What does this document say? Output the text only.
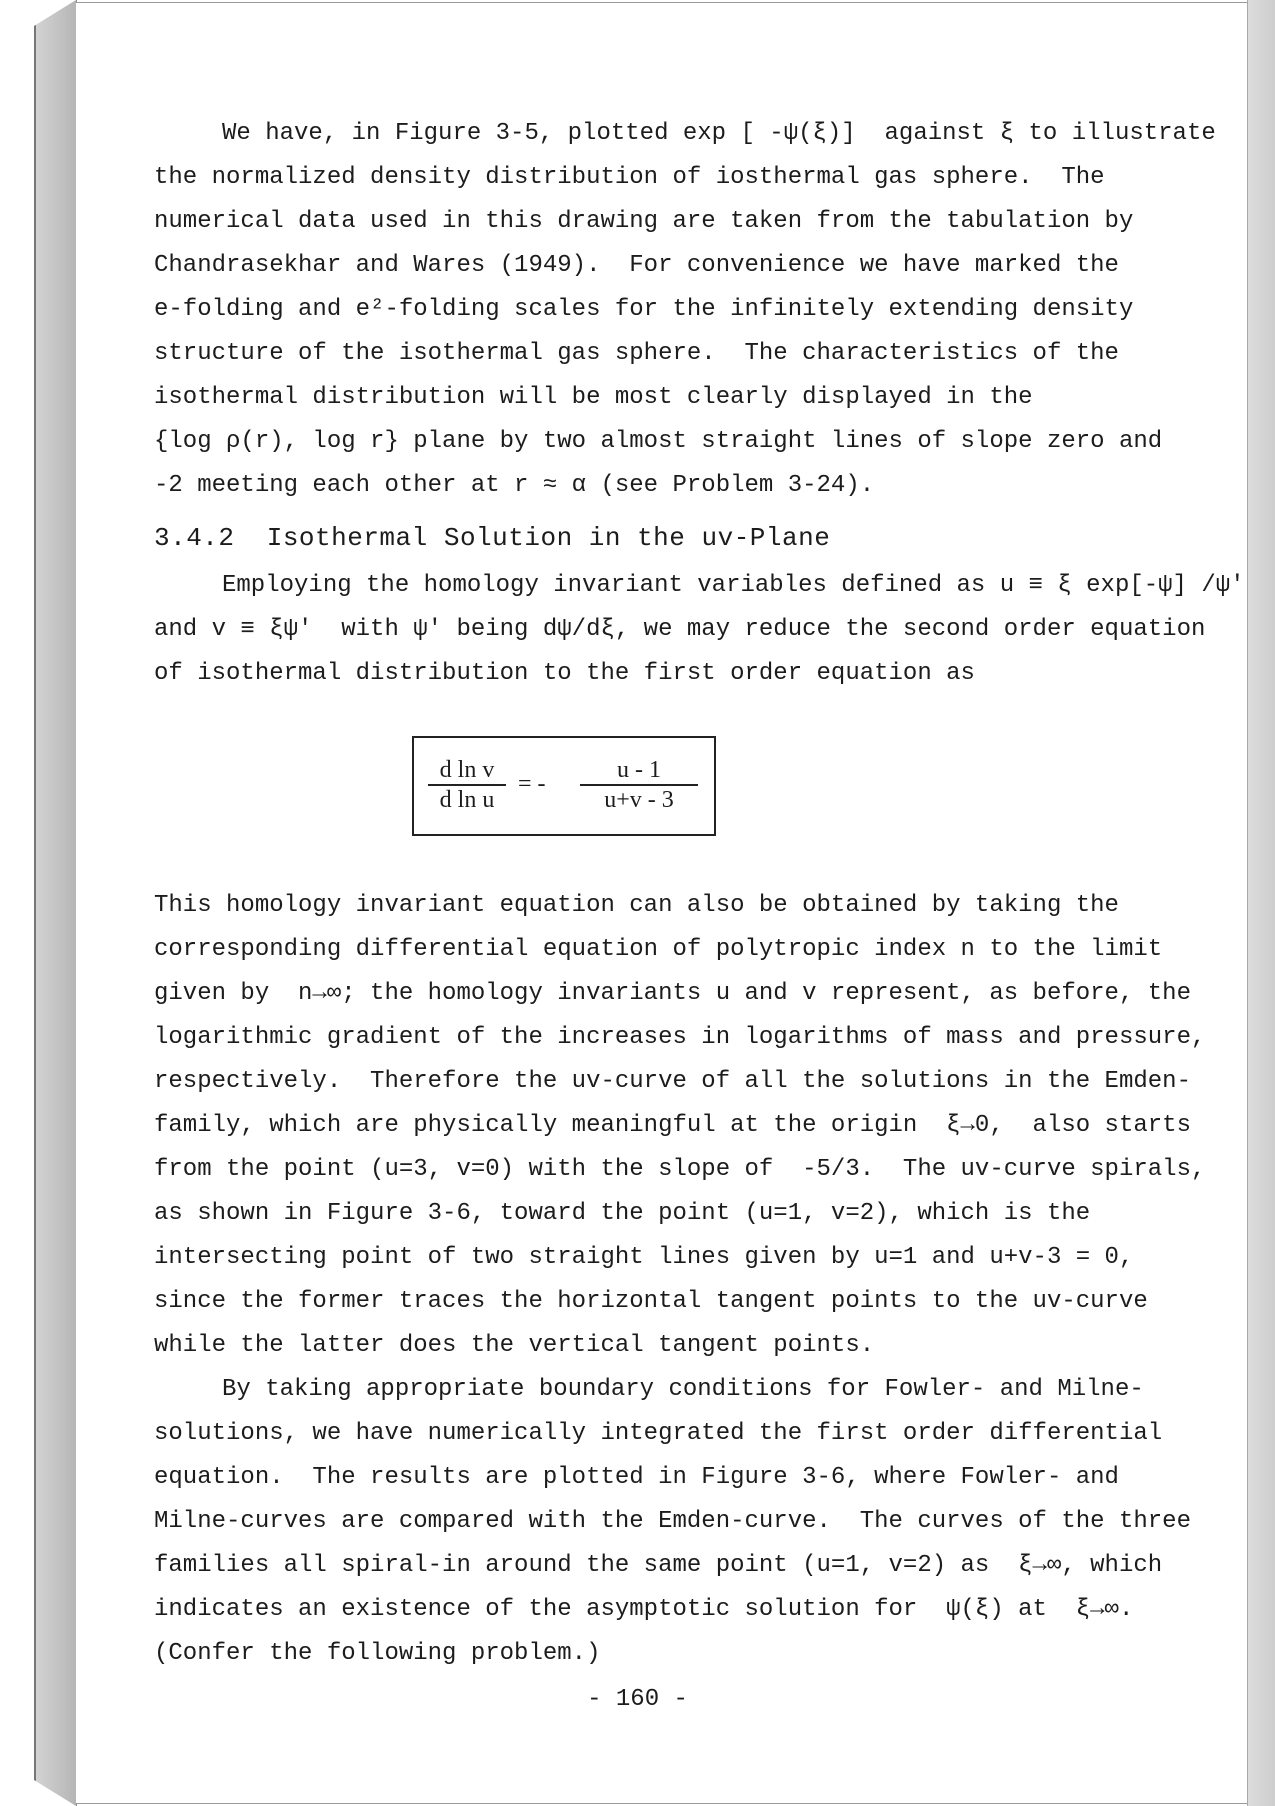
We have, in Figure 3-5, plotted exp [ -ψ(ξ)]  against ξ to illustrate
the normalized density distribution of iosthermal gas sphere.  The
numerical data used in this drawing are taken from the tabulation by
Chandrasekhar and Wares (1949).  For convenience we have marked the
e-folding and e²-folding scales for the infinitely extending density
structure of the isothermal gas sphere.  The characteristics of the
isothermal distribution will be most clearly displayed in the
{log ρ(r), log r} plane by two almost straight lines of slope zero and
-2 meeting each other at r ≈ α (see Problem 3-24).
3.4.2  Isothermal Solution in the uv-Plane
Employing the homology invariant variables defined as u ≡ ξ exp[-ψ] /ψ'
and v ≡ ξψ'  with ψ' being dψ/dξ, we may reduce the second order equation
of isothermal distribution to the first order equation as
$\frac{\text{d ln v}}{\text{d ln u}}$ = - $\frac{u - 1}{u+v - 3}$
This homology invariant equation can also be obtained by taking the
corresponding differential equation of polytropic index n to the limit
given by  n→∞; the homology invariants u and v represent, as before, the
logarithmic gradient of the increases in logarithms of mass and pressure,
respectively.  Therefore the uv-curve of all the solutions in the Emden-
family, which are physically meaningful at the origin  ξ→0,  also starts
from the point (u=3, v=0) with the slope of  -5/3.  The uv-curve spirals,
as shown in Figure 3-6, toward the point (u=1, v=2), which is the
intersecting point of two straight lines given by u=1 and u+v-3 = 0,
since the former traces the horizontal tangent points to the uv-curve
while the latter does the vertical tangent points.
By taking appropriate boundary conditions for Fowler- and Milne-
solutions, we have numerically integrated the first order differential
equation.  The results are plotted in Figure 3-6, where Fowler- and
Milne-curves are compared with the Emden-curve.  The curves of the three
families all spiral-in around the same point (u=1, v=2) as  ξ→∞, which
indicates an existence of the asymptotic solution for  ψ(ξ) at  ξ→∞.
(Confer the following problem.)
- 160 -
